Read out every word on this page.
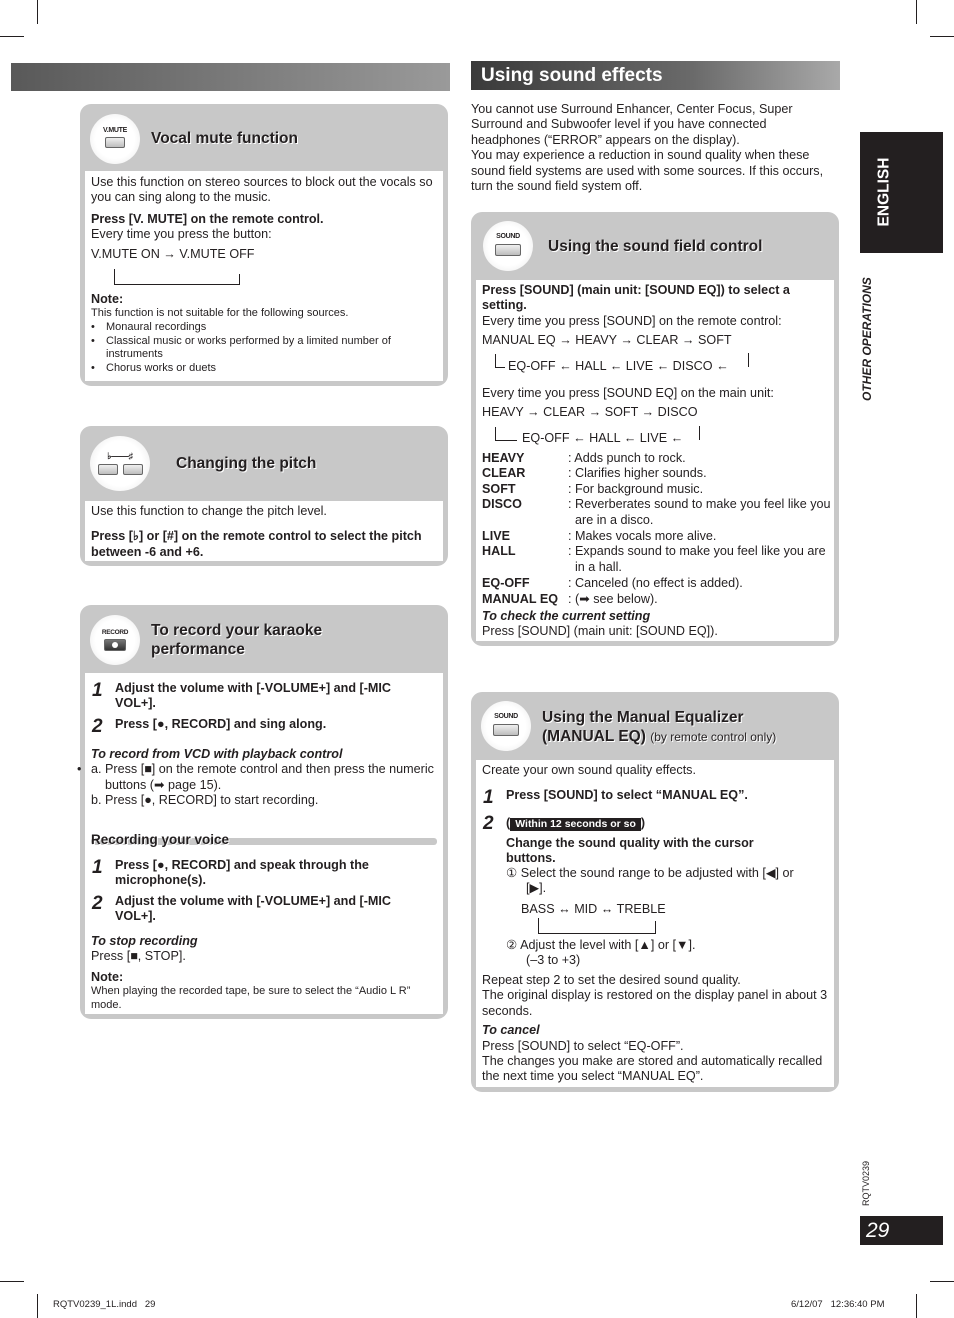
Using sound effects
You cannot use Surround Enhancer, Center Focus, Super Surround and Subwoofer level if you have connected headphones (“ERROR” appears on the display).
You may experience a reduction in sound quality when these sound field systems are used with some sources. If this occurs, turn the sound field system off.	ENGLISH
OTHER OPERATIONS
RQTV0239
29
RQTV0239_1L.indd   29	6/12/07   12:36:40 PM
V.MUTE	Vocal mute function
Use this function on stereo sources to block out the vocals so you can sing along to the music.
Press [V. MUTE] on the remote control.
Every time you press the button:
V.MUTE ON → V.MUTE OFF
Note:
This function is not suitable for the following sources.
• Monaural recordings
• Classical music or works performed by a limited number of instruments
• Chorus works or duets
♭——♯	Changing the pitch
Use this function to change the pitch level.
Press [♭] or [#] on the remote control to select the pitch between -6 and +6.
RECORD	To record your karaoke
performance
1 Adjust the volume with [-VOLUME+] and [-MIC VOL+].
2 Press [●, RECORD] and sing along.
To record from VCD with playback control
• a. Press [■] on the remote control and then press the numeric buttons (➡ page 15).
b. Press [●, RECORD] to start recording.
Recording your voice
1 Press [●, RECORD] and speak through the microphone(s).
2 Adjust the volume with [-VOLUME+] and [-MIC VOL+].
To stop recording
Press [■, STOP].
Note:
When playing the recorded tape, be sure to select the “Audio L R” mode.
SOUND
Using the sound field control
Press [SOUND] (main unit: [SOUND EQ]) to select a setting.
Every time you press [SOUND] on the remote control:
MANUAL EQ → HEAVY → CLEAR → SOFT
EQ-OFF ← HALL ← LIVE ← DISCO ←
Every time you press [SOUND EQ] on the main unit:
HEAVY → CLEAR → SOFT → DISCO
EQ-OFF ← HALL ← LIVE ←
HEAVY	: Adds punch to rock.
CLEAR	: Clarifies higher sounds.
SOFT	: For background music.
DISCO	: Reverberates sound to make you feel like you are in a disco.
LIVE	: Makes vocals more alive.
HALL	: Expands sound to make you feel like you are in a hall.
EQ-OFF	: Canceled (no effect is added).
MANUAL EQ : (➡ see below).
To check the current setting
Press [SOUND] (main unit: [SOUND EQ]).
SOUND	Using the Manual Equalizer
(MANUAL EQ) (by remote control only)
Create your own sound quality effects.
1 Press [SOUND] to select “MANUAL EQ”.
2 ( Within 12 seconds or so )
Change the sound quality with the cursor buttons.
① Select the sound range to be adjusted with [◀] or [▶].
BASS ↔ MID ↔ TREBLE
② Adjust the level with [▲] or [▼].
(–3 to +3)
Repeat step 2 to set the desired sound quality.
The original display is restored on the display panel in about 3 seconds.
To cancel
Press [SOUND] to select “EQ-OFF”.
The changes you make are stored and automatically recalled the next time you select “MANUAL EQ”.
